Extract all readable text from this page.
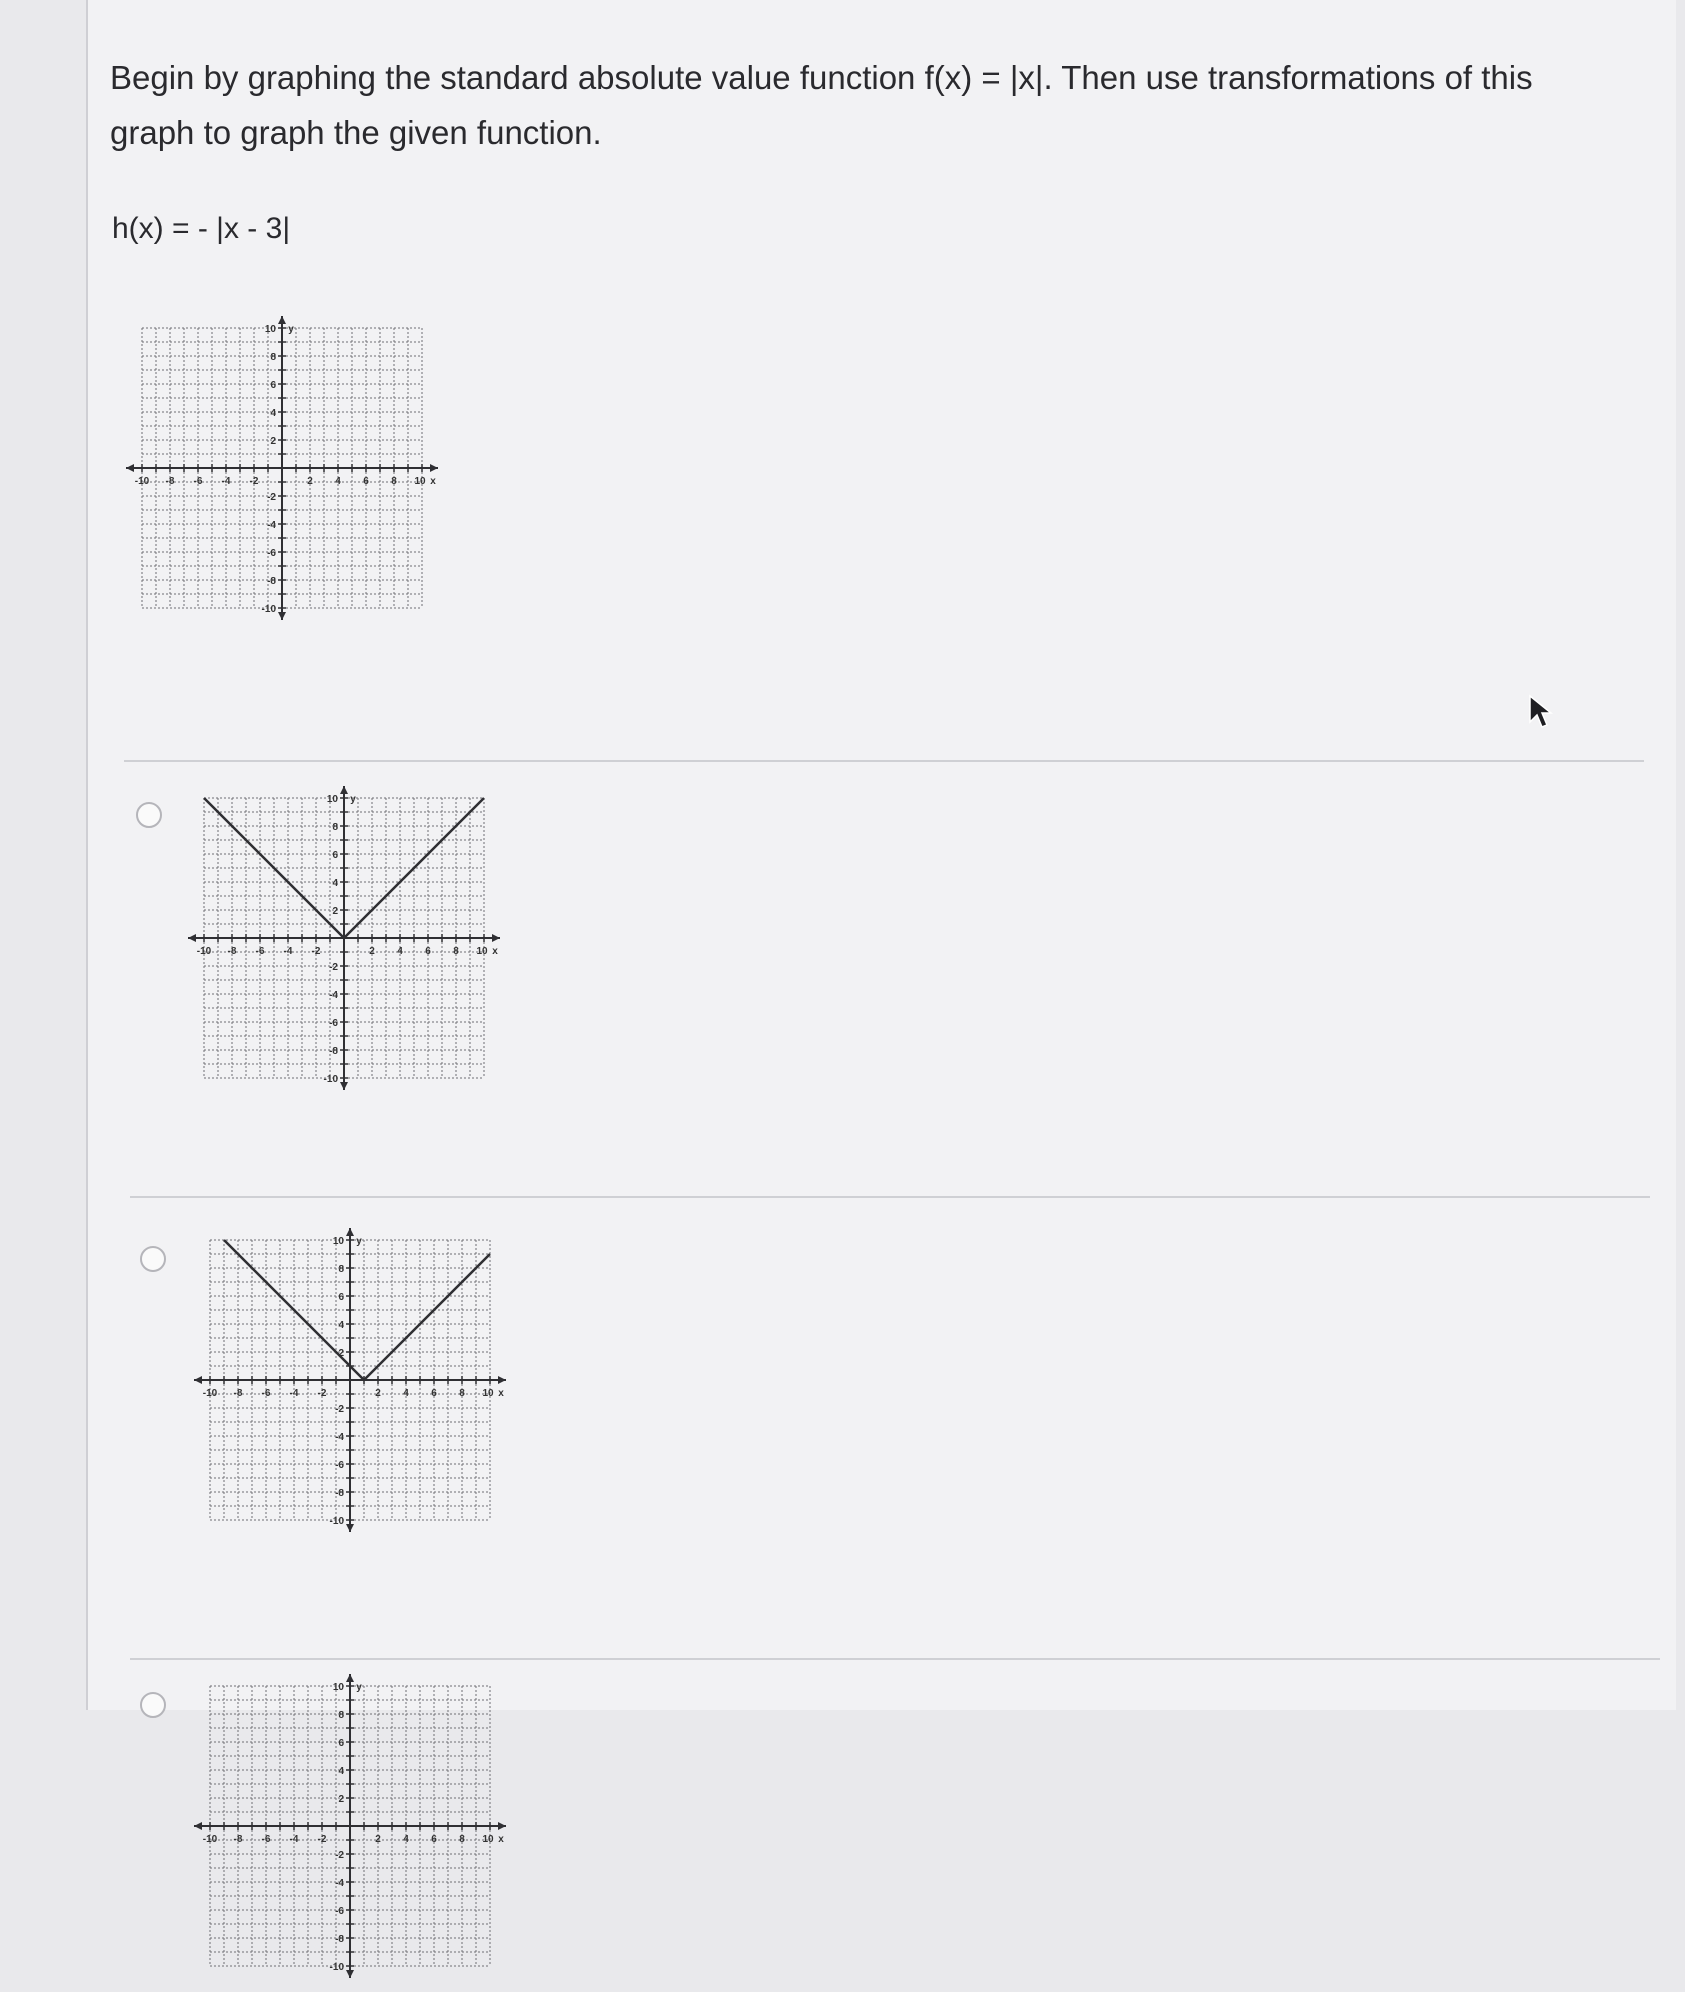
Begin by graphing the standard absolute value function f(x) = |x|. Then use transformations of this graph to graph the given function.
h(x) = - |x - 3|
-10 -8 -6 -4 -2	2 4 6 8 10 x
10
8
6
4
2
-2
-4
-6
-8
-10
y
-10 -8 -6 -4 -2	2 4 6 8 10 x
10
8
6
4
2
-2
-4
-6
-8
-10
y
-10 -8 -6 -4 -2	2 4 6 8 10 x
10
8
6
4
2
-2
-4
-6
-8
-10
y
-10 -8 -6 -4 -2	2 4 6 8 10 x
10
8
6
4
2
-2
-4
-6
-8
-10
y
